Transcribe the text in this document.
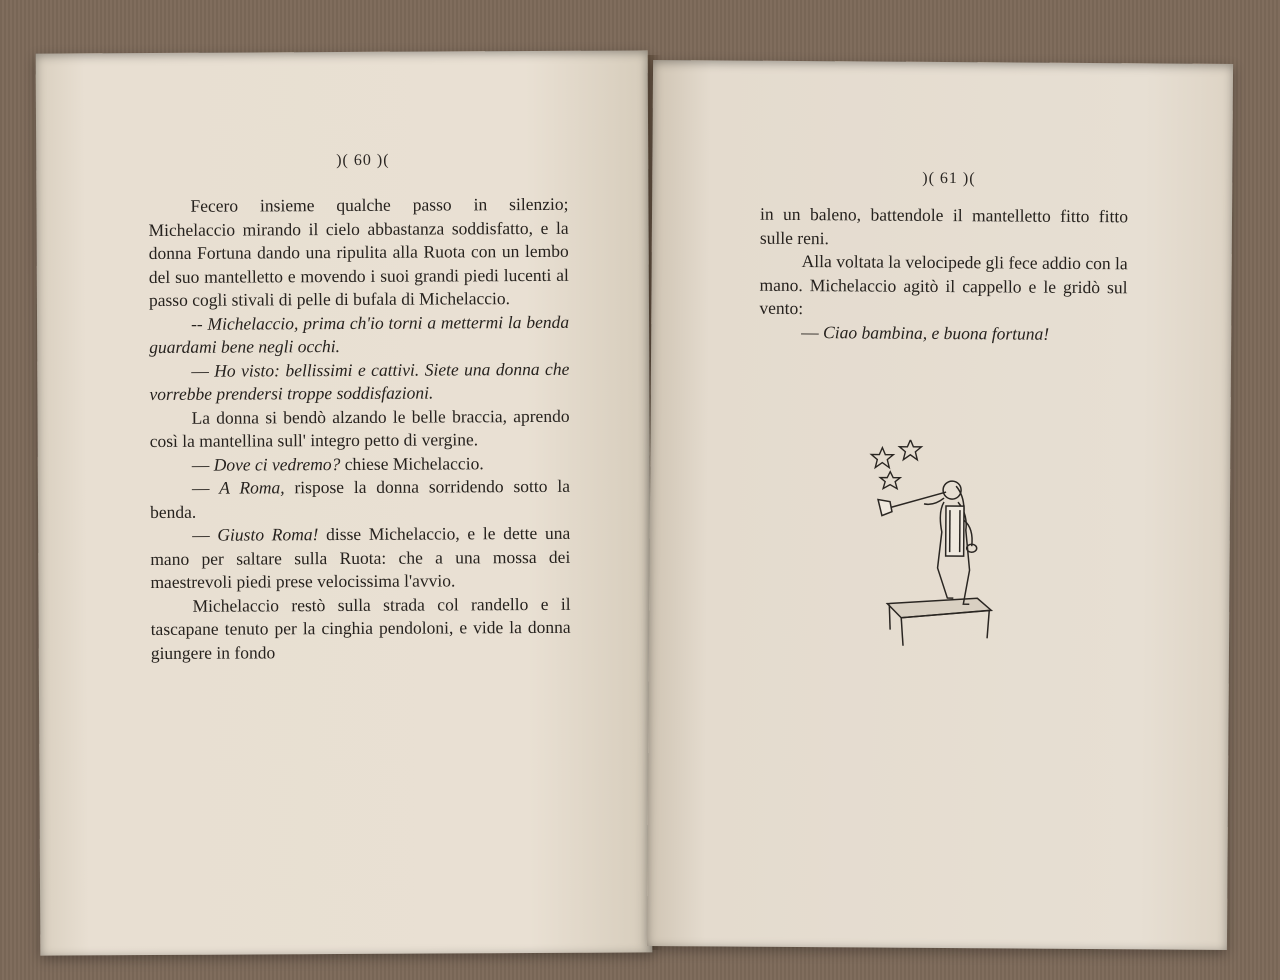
)( 60 )(

Fecero insieme qualche passo in silenzio; Michelaccio mirando il cielo abbastanza soddisfatto, e la donna Fortuna dando una ripulita alla Ruota con un lembo del suo mantelletto e movendo i suoi grandi piedi lucenti al passo cogli stivali di pelle di bufala di Michelaccio.

-- Michelaccio, prima ch'io torni a mettermi la benda guardami bene negli occhi.

— Ho visto: bellissimi e cattivi. Siete una donna che vorrebbe prendersi troppe soddisfazioni.

La donna si bendò alzando le belle braccia, aprendo così la mantellina sull' integro petto di vergine.

— Dove ci vedremo? chiese Michelaccio.

— A Roma, rispose la donna sorridendo sotto la benda.

— Giusto Roma! disse Michelaccio, e le dette una mano per saltare sulla Ruota: che a una mossa dei maestrevoli piedi prese velocissima l'avvio.

Michelaccio restò sulla strada col randello e il tascapane tenuto per la cinghia pendoloni, e vide la donna giungere in fondo

)( 61 )(

in un baleno, battendole il mantelletto fitto fitto sulle reni.

Alla voltata la velocipede gli fece addio con la mano. Michelaccio agitò il cappello e le gridò sul vento:

— Ciao bambina, e buona fortuna!
